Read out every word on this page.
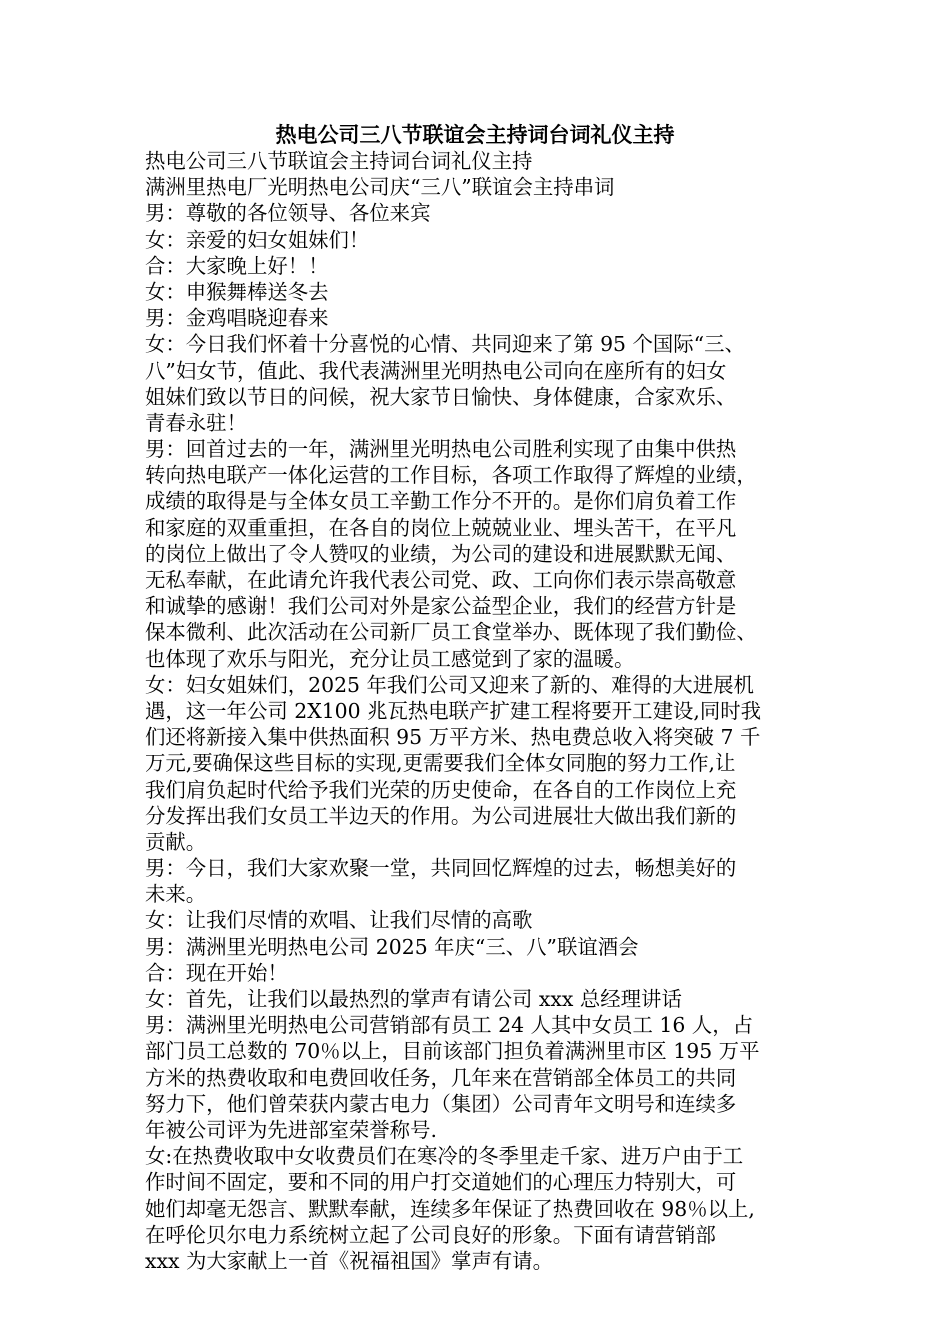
热电公司三八节联谊会主持词台词礼仪主持
热电公司三八节联谊会主持词台词礼仪主持
满洲里热电厂光明热电公司庆“三八”联谊会主持串词
男：尊敬的各位领导、各位来宾
女：亲爱的妇女姐妹们！
合：大家晚上好！！
女：申猴舞棒送冬去
男：金鸡唱晓迎春来
女：今日我们怀着十分喜悦的心情、共同迎来了第 95 个国际“三、
八”妇女节，值此、我代表满洲里光明热电公司向在座所有的妇女
姐妹们致以节日的问候，祝大家节日愉快、身体健康，合家欢乐、
青春永驻！
男：回首过去的一年，满洲里光明热电公司胜利实现了由集中供热
转向热电联产一体化运营的工作目标，各项工作取得了辉煌的业绩，
成绩的取得是与全体女员工辛勤工作分不开的。是你们肩负着工作
和家庭的双重重担，在各自的岗位上兢兢业业、埋头苦干，在平凡
的岗位上做出了令人赞叹的业绩，为公司的建设和进展默默无闻、
无私奉献，在此请允许我代表公司党、政、工向你们表示崇高敬意
和诚挚的感谢！我们公司对外是家公益型企业，我们的经营方针是
保本微利、此次活动在公司新厂员工食堂举办、既体现了我们勤俭、
也体现了欢乐与阳光，充分让员工感觉到了家的温暖。
女：妇女姐妹们，2025 年我们公司又迎来了新的、难得的大进展机
遇，这一年公司 2X100 兆瓦热电联产扩建工程将要开工建设,同时我
们还将新接入集中供热面积 95 万平方米、热电费总收入将突破 7 千
万元,要确保这些目标的实现,更需要我们全体女同胞的努力工作,让
我们肩负起时代给予我们光荣的历史使命，在各自的工作岗位上充
分发挥出我们女员工半边天的作用。为公司进展壮大做出我们新的
贡献。
男：今日，我们大家欢聚一堂，共同回忆辉煌的过去，畅想美好的
未来。
女：让我们尽情的欢唱、让我们尽情的高歌
男：满洲里光明热电公司 2025 年庆“三、八”联谊酒会
合：现在开始！
女：首先，让我们以最热烈的掌声有请公司 xxx 总经理讲话
男：满洲里光明热电公司营销部有员工 24 人其中女员工 16 人，占
部门员工总数的 70％以上，目前该部门担负着满洲里市区 195 万平
方米的热费收取和电费回收任务，几年来在营销部全体员工的共同
努力下，他们曾荣获内蒙古电力（集团）公司青年文明号和连续多
年被公司评为先进部室荣誉称号.
女:在热费收取中女收费员们在寒冷的冬季里走千家、进万户由于工
作时间不固定，要和不同的用户打交道她们的心理压力特别大，可
她们却毫无怨言、默默奉献，连续多年保证了热费回收在 98％以上,
在呼伦贝尔电力系统树立起了公司良好的形象。下面有请营销部
xxx 为大家献上一首《祝福祖国》掌声有请。
